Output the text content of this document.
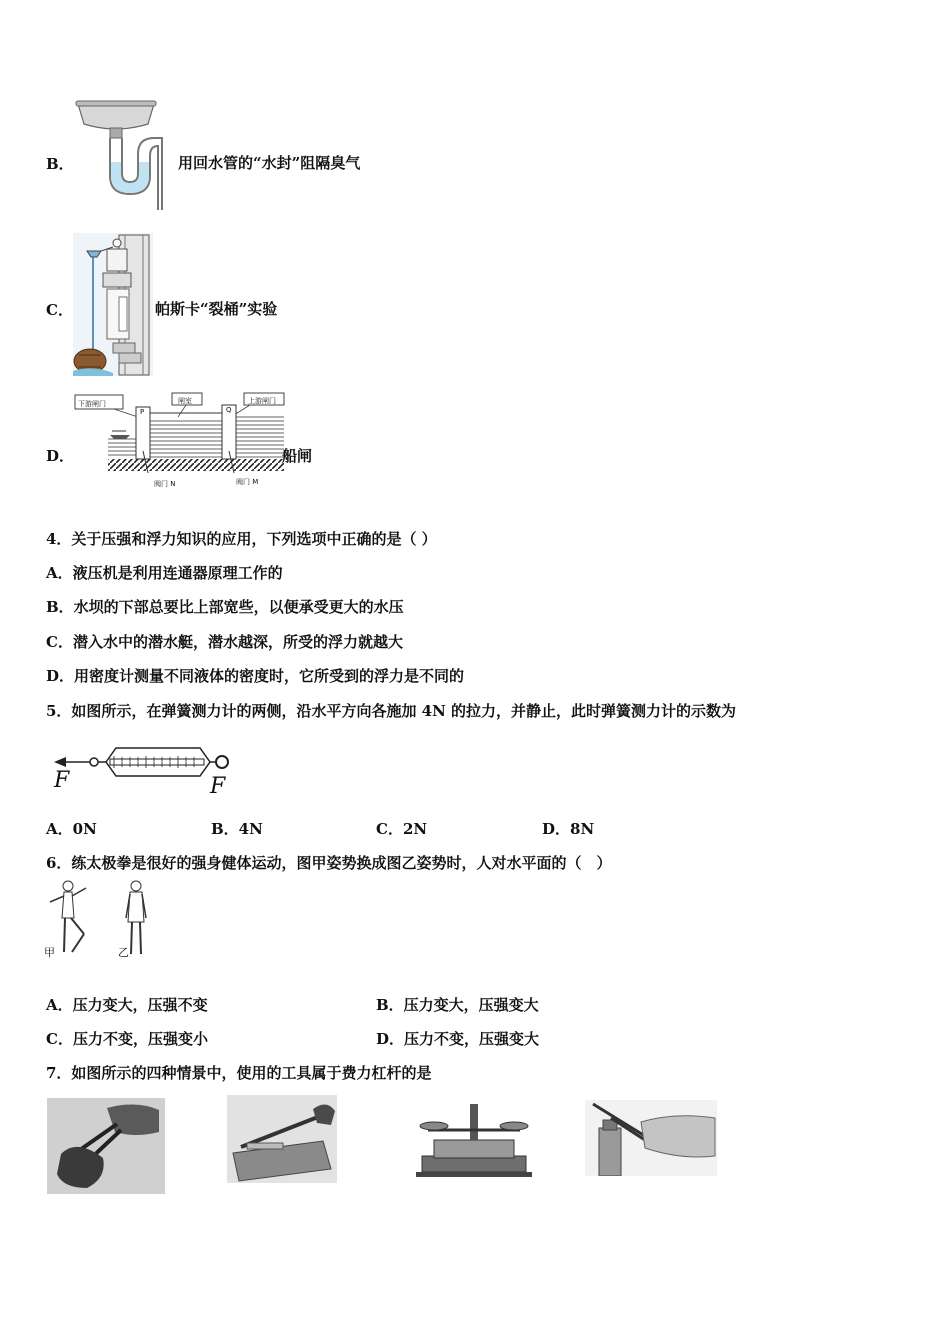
B．	用回水管的“水封”阻隔臭气
C．	帕斯卡“裂桶”实验
下游闸门	闸室	上游闸门
P	Q
阀门 N	阀门 M
D．	船闸
4．关于压强和浮力知识的应用，下列选项中正确的是（ ）
A．液压机是利用连通器原理工作的
B．水坝的下部总要比上部宽些，以便承受更大的水压
C．潜入水中的潜水艇，潜水越深，所受的浮力就越大
D．用密度计测量不同液体的密度时，它所受到的浮力是不同的
5．如图所示，在弹簧测力计的两侧，沿水平方向各施加 4N 的拉力，并静止，此时弹簧测力计的示数为
F	F
A．0N	B．4N	C．2N	D．8N
6．练太极拳是很好的强身健体运动，图甲姿势换成图乙姿势时，人对水平面的（　）
甲	乙
A．压力变大，压强不变	B．压力变大，压强变大
C．压力不变，压强变小	D．压力不变，压强变大
7．如图所示的四种情景中，使用的工具属于费力杠杆的是
